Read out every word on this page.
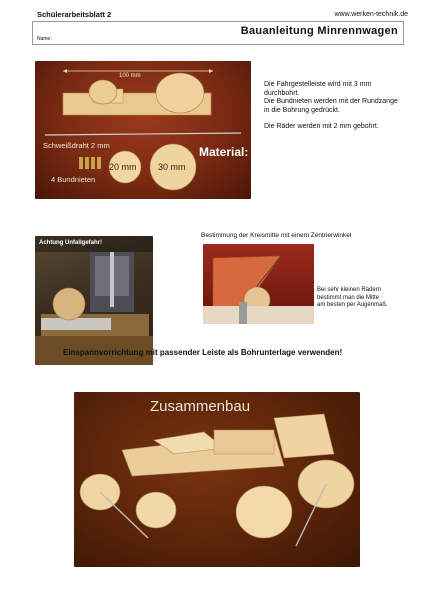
Schülerarbeitsblatt 2	www.werken-technik.de
Name:
Bauanleitung Minrennwagen
100 mm
Schweißdraht 2 mm
20 mm 30 mm
Material:
4 Bundnieten
Die Fahrgestelleiste wird mit 3 mm
durchbohrt.
Die Bundnieten werden mit der Rundzange
in die Bohrung gedrückt.
Die Räder werden mit 2 mm gebohrt.
Achtung Unfallgefahr!
Bestimmung der Kreismitte mit einem Zentrierwinkel
Bei sehr kleinen Rädern
bestimmt man die Mitte
am besten per Augenmaß.
Einspannvorrichtung mit passender Leiste als Bohrunterlage verwenden!
Zusammenbau
